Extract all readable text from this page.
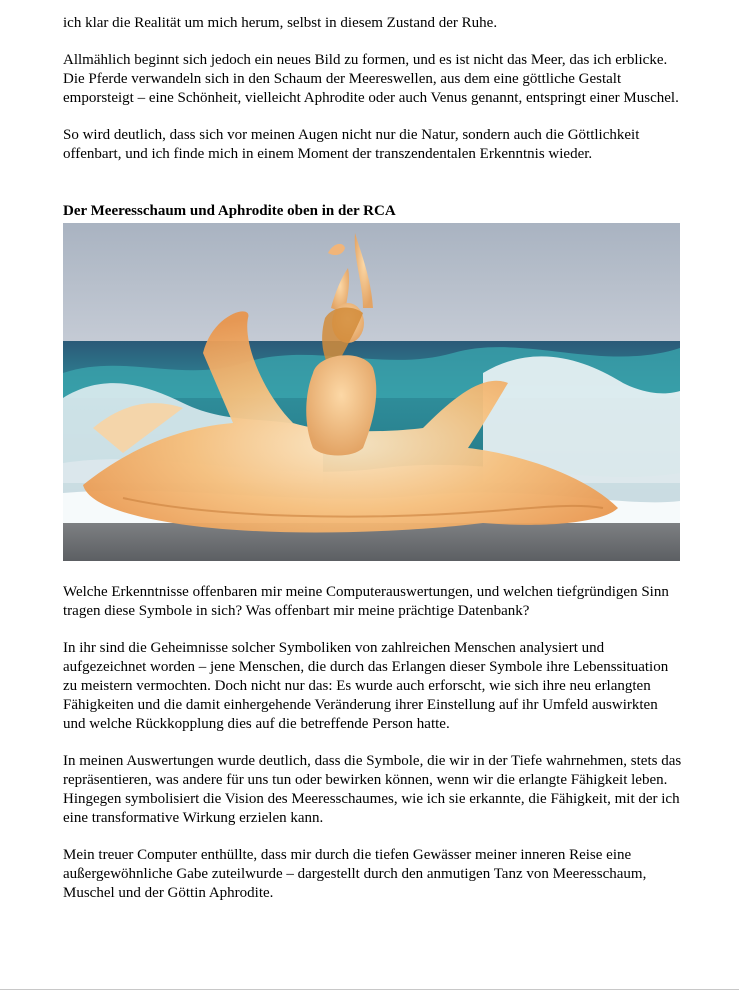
ich klar die Realität um mich herum, selbst in diesem Zustand der Ruhe.

Allmählich beginnt sich jedoch ein neues Bild zu formen, und es ist nicht das Meer, das ich erblicke. Die Pferde verwandeln sich in den Schaum der Meereswellen, aus dem eine göttliche Gestalt emporsteigt – eine Schönheit, vielleicht Aphrodite oder auch Venus genannt, entspringt einer Muschel.

So wird deutlich, dass sich vor meinen Augen nicht nur die Natur, sondern auch die Göttlichkeit offenbart, und ich finde mich in einem Moment der transzendentalen Erkenntnis wieder.

Der Meeresschaum und Aphrodite oben in der RCA

Welche Erkenntnisse offenbaren mir meine Computerauswertungen, und welchen tiefgründigen Sinn tragen diese Symbole in sich? Was offenbart mir meine prächtige Datenbank?

In ihr sind die Geheimnisse solcher Symboliken von zahlreichen Menschen analysiert und aufgezeichnet worden – jene Menschen, die durch das Erlangen dieser Symbole ihre Lebenssituation zu meistern vermochten. Doch nicht nur das: Es wurde auch erforscht, wie sich ihre neu erlangten Fähigkeiten und die damit einhergehende Veränderung ihrer Einstellung auf ihr Umfeld auswirkten und welche Rückkopplung dies auf die betreffende Person hatte.

In meinen Auswertungen wurde deutlich, dass die Symbole, die wir in der Tiefe wahrnehmen, stets das repräsentieren, was andere für uns tun oder bewirken können, wenn wir die erlangte Fähigkeit leben. Hingegen symbolisiert die Vision des Meeresschaumes, wie ich sie erkannte, die Fähigkeit, mit der ich eine transformative Wirkung erzielen kann.

Mein treuer Computer enthüllte, dass mir durch die tiefen Gewässer meiner inneren Reise eine außergewöhnliche Gabe zuteilwurde – dargestellt durch den anmutigen Tanz von Meeresschaum, Muschel und der Göttin Aphrodite.
